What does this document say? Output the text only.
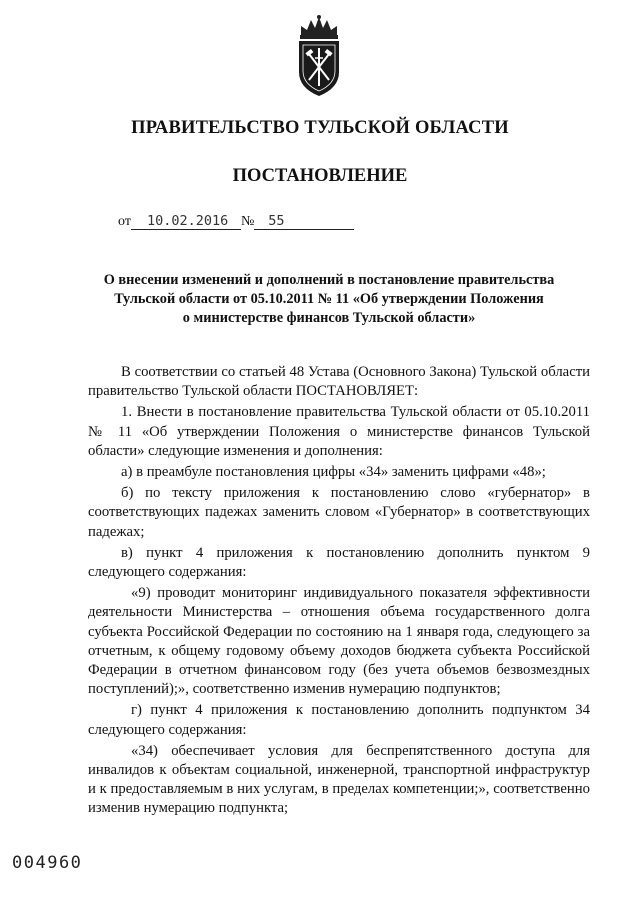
ПРАВИТЕЛЬСТВО ТУЛЬСКОЙ ОБЛАСТИ
ПОСТАНОВЛЕНИЕ
от 10.02.2016 № 55
О внесении изменений и дополнений в постановление правительства
Тульской области от 05.10.2011 № 11 «Об утверждении Положения
о министерстве финансов Тульской области»

В соответствии со статьей 48 Устава (Основного Закона) Тульской области правительство Тульской области ПОСТАНОВЛЯЕТ:

1. Внести в постановление правительства Тульской области от 05.10.2011 № 11 «Об утверждении Положения о министерстве финансов Тульской области» следующие изменения и дополнения:

а) в преамбуле постановления цифры «34» заменить цифрами «48»;

б) по тексту приложения к постановлению слово «губернатор» в соответствующих падежах заменить словом «Губернатор» в соответствующих падежах;

в) пункт 4 приложения к постановлению дополнить пунктом 9 следующего содержания:

«9) проводит мониторинг индивидуального показателя эффективности деятельности Министерства – отношения объема государственного долга субъекта Российской Федерации по состоянию на 1 января года, следующего за отчетным, к общему годовому объему доходов бюджета субъекта Российской Федерации в отчетном финансовом году (без учета объемов безвозмездных поступлений);», соответственно изменив нумерацию подпунктов;

г) пункт 4 приложения к постановлению дополнить подпунктом 34 следующего содержания:

«34) обеспечивает условия для беспрепятственного доступа для инвалидов к объектам социальной, инженерной, транспортной инфраструктур и к предоставляемым в них услугам, в пределах компетенции;», соответственно изменив нумерацию подпункта;

004960
